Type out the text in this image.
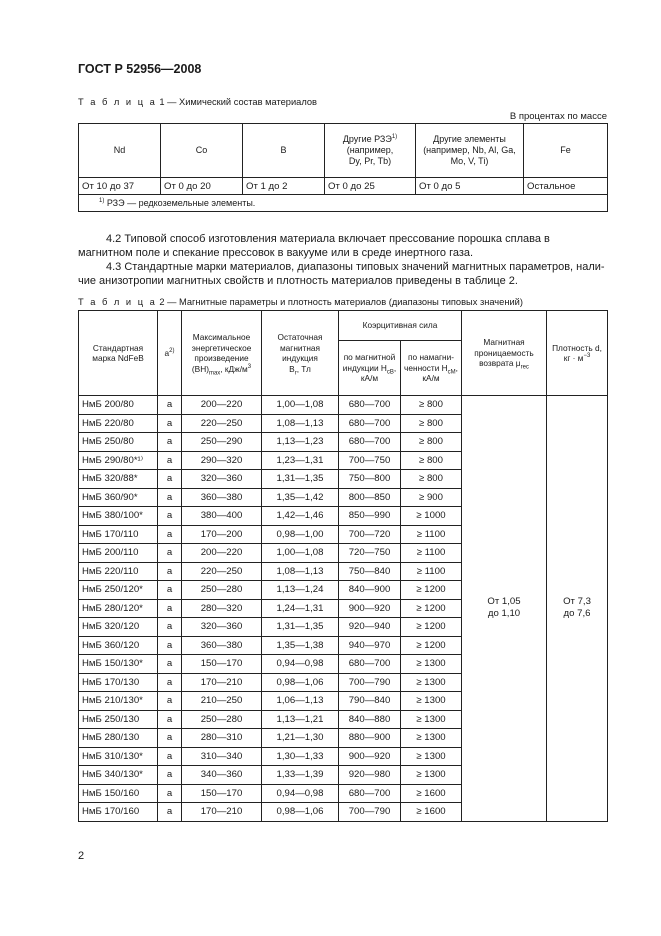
ГОСТ Р 52956—2008
Т а б л и ц а 1 — Химический состав материалов
В процентах по массе
Nd	Co	B	Другие РЗЭ$^{1)}$
(например,
Dy, Pr, Tb)	Другие элементы
(например, Nb, Al, Ga,
Mo, V, Ti)	Fe
От 10 до 37	От 0 до 20	От 1 до 2	От 0 до 25	От 0 до 5	Остальное
$^{1)}$ РЗЭ — редкоземельные элементы.					
4.2 Типовой способ изготовления материала включает прессование порошка сплава в магнитном поле и спекание прессовок в вакууме или в среде инертного газа.
4.3 Стандартные марки материалов, диапазоны типовых значений магнитных параметров, нали-чие анизотропии магнитных свойств и плотность материалов приведены в таблице 2.
Т а б л и ц а 2 — Магнитные параметры и плотность материалов (диапазоны типовых значений)
Стандартная
марка NdFeB	$a^{2)}$	Максимальное
энергетическое
произведение
$(BH)_{max}$, кДж/$м^3$	Остаточная
магнитная
индукция
$B_r$, Тл	Коэрцитивная сила		Магнитная
проницаемость
возврата $\mu_{rec}$	Плотность d,
кг · $м^{-3}$
				по магнитной
индукции $H_{cB}$,
кА/м	по намагни-
ченности $H_{cM}$,
кА/м		
НмБ 200/80	a	200—220	1,00—1,08	680—700	≥ 800	От 1,05
до 1,10	От 7,3
до 7,6
НмБ 220/80	a	220—250	1,08—1,13	680—700	≥ 800		
НмБ 250/80	a	250—290	1,13—1,23	680—700	≥ 800		
НмБ 290/80*¹⁾	a	290—320	1,23—1,31	700—750	≥ 800		
НмБ 320/88*	a	320—360	1,31—1,35	750—800	≥ 800		
НмБ 360/90*	a	360—380	1,35—1,42	800—850	≥ 900		
НмБ 380/100*	a	380—400	1,42—1,46	850—990	≥ 1000		
НмБ 170/110	a	170—200	0,98—1,00	700—720	≥ 1100		
НмБ 200/110	a	200—220	1,00—1,08	720—750	≥ 1100		
НмБ 220/110	a	220—250	1,08—1,13	750—840	≥ 1100		
НмБ 250/120*	a	250—280	1,13—1,24	840—900	≥ 1200		
НмБ 280/120*	a	280—320	1,24—1,31	900—920	≥ 1200		
НмБ 320/120	a	320—360	1,31—1,35	920—940	≥ 1200		
НмБ 360/120	a	360—380	1,35—1,38	940—970	≥ 1200		
НмБ 150/130*	a	150—170	0,94—0,98	680—700	≥ 1300		
НмБ 170/130	a	170—210	0,98—1,06	700—790	≥ 1300		
НмБ 210/130*	a	210—250	1,06—1,13	790—840	≥ 1300		
НмБ 250/130	a	250—280	1,13—1,21	840—880	≥ 1300		
НмБ 280/130	a	280—310	1,21—1,30	880—900	≥ 1300		
НмБ 310/130*	a	310—340	1,30—1,33	900—920	≥ 1300		
НмБ 340/130*	a	340—360	1,33—1,39	920—980	≥ 1300		
НмБ 150/160	a	150—170	0,94—0,98	680—700	≥ 1600		
НмБ 170/160	a	170—210	0,98—1,06	700—790	≥ 1600		
2
